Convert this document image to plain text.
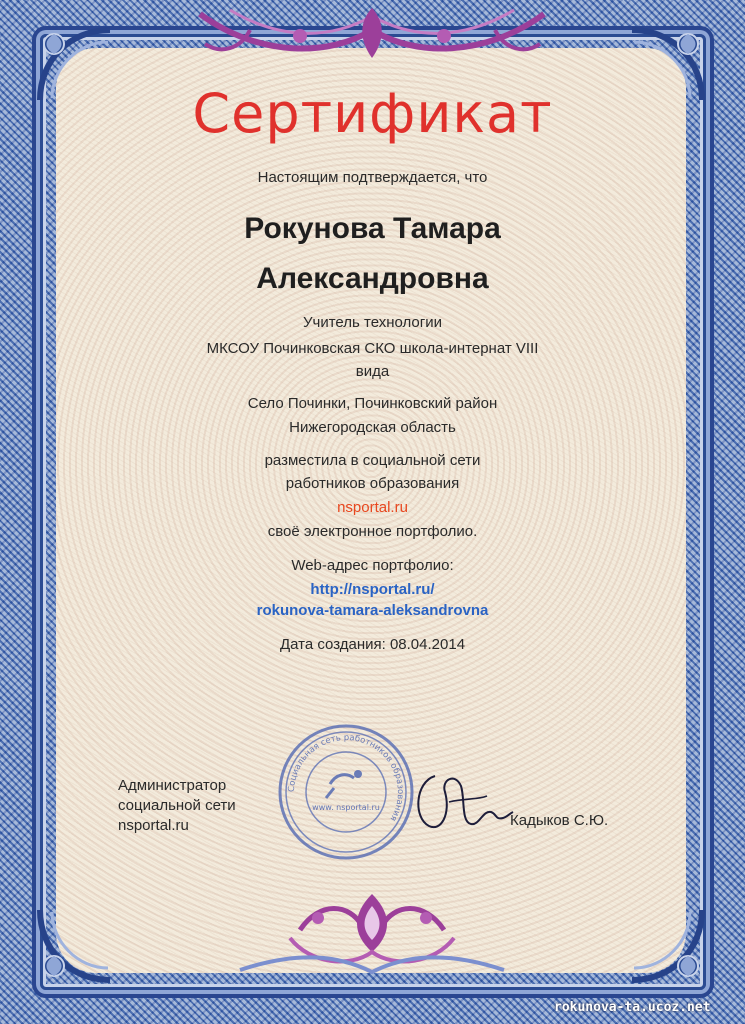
Сертификат
Настоящим подтверждается, что
Рокунова Тамара
Александровна
Учитель технологии
МКСОУ Починковская СКО школа-интернат VIII
вида
Село Починки, Починковский район
Нижегородская область
разместила в социальной сети
работников образования
nsportal.ru
своё электронное портфолио.
Web-адрес портфолио:
http://nsportal.ru/
rokunova-tamara-aleksandrovna
Дата создания: 08.04.2014
Администратор
социальной сети
nsportal.ru
Социальная сеть работников образования
www. nsportal.ru
Кадыков С.Ю.
rokunova-ta.ucoz.net
